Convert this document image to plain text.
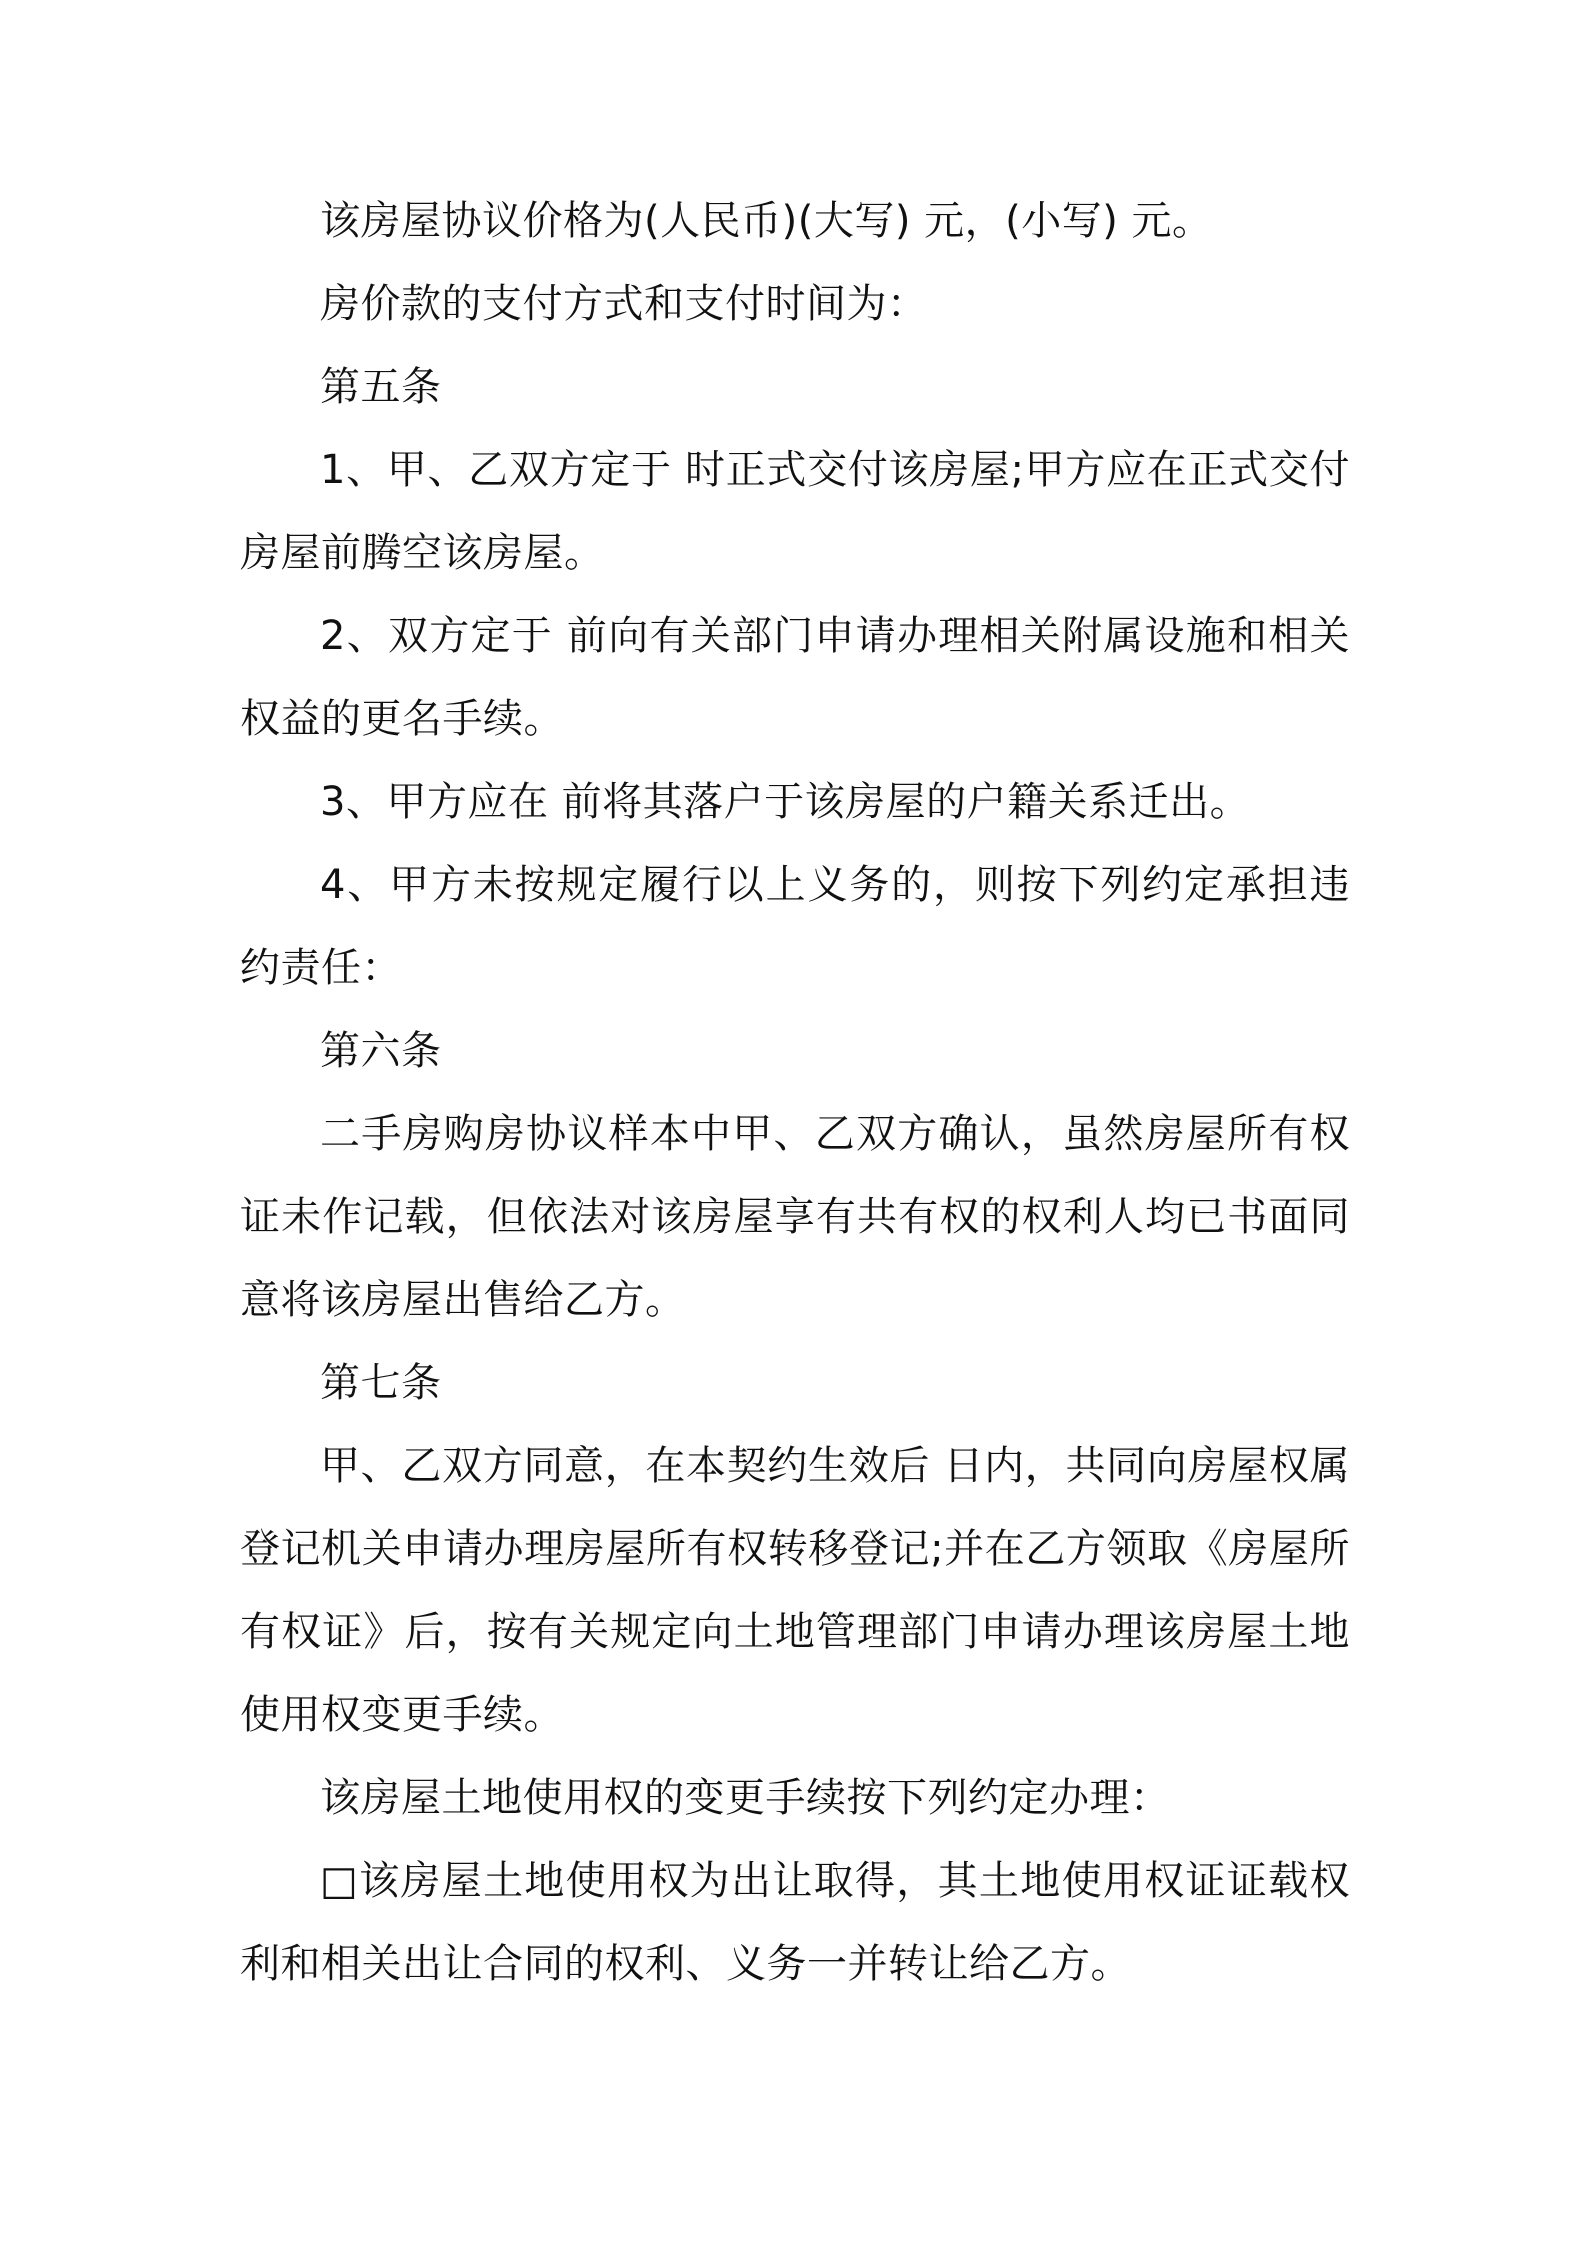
该房屋协议价格为(人民币)(大写) 元，(小写) 元。

房价款的支付方式和支付时间为：

第五条

1、甲、乙双方定于 时正式交付该房屋;甲方应在正式交付房屋前腾空该房屋。

2、双方定于 前向有关部门申请办理相关附属设施和相关权益的更名手续。

3、甲方应在 前将其落户于该房屋的户籍关系迁出。

4、甲方未按规定履行以上义务的，则按下列约定承担违约责任：

第六条

二手房购房协议样本中甲、乙双方确认，虽然房屋所有权证未作记载，但依法对该房屋享有共有权的权利人均已书面同意将该房屋出售给乙方。

第七条

甲、乙双方同意，在本契约生效后 日内，共同向房屋权属登记机关申请办理房屋所有权转移登记;并在乙方领取《房屋所有权证》后，按有关规定向土地管理部门申请办理该房屋土地使用权变更手续。

该房屋土地使用权的变更手续按下列约定办理：

□该房屋土地使用权为出让取得，其土地使用权证证载权利和相关出让合同的权利、义务一并转让给乙方。
